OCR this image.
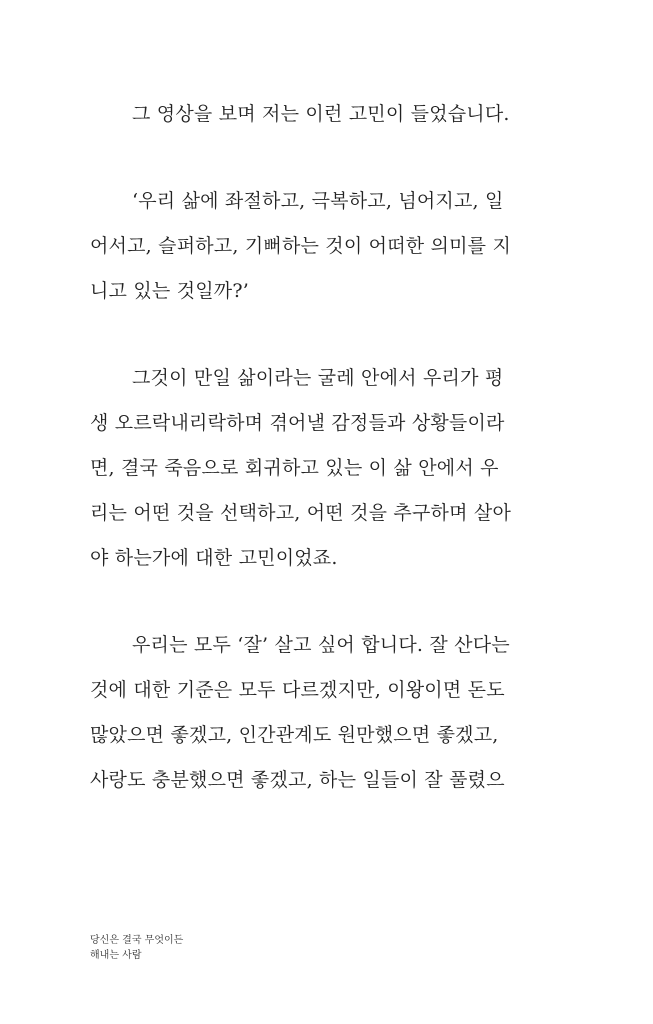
그 영상을 보며 저는 이런 고민이 들었습니다.
‘우리 삶에 좌절하고, 극복하고, 넘어지고, 일
어서고, 슬퍼하고, 기뻐하는 것이 어떠한 의미를 지
니고 있는 것일까?’
그것이 만일 삶이라는 굴레 안에서 우리가 평
생 오르락내리락하며 겪어낼 감정들과 상황들이라
면, 결국 죽음으로 회귀하고 있는 이 삶 안에서 우
리는 어떤 것을 선택하고, 어떤 것을 추구하며 살아
야 하는가에 대한 고민이었죠.
우리는 모두 ‘잘’ 살고 싶어 합니다. 잘 산다는
것에 대한 기준은 모두 다르겠지만, 이왕이면 돈도
많았으면 좋겠고, 인간관계도 원만했으면 좋겠고,
사랑도 충분했으면 좋겠고, 하는 일들이 잘 풀렸으
당신은 결국 무엇이든
해내는 사람
